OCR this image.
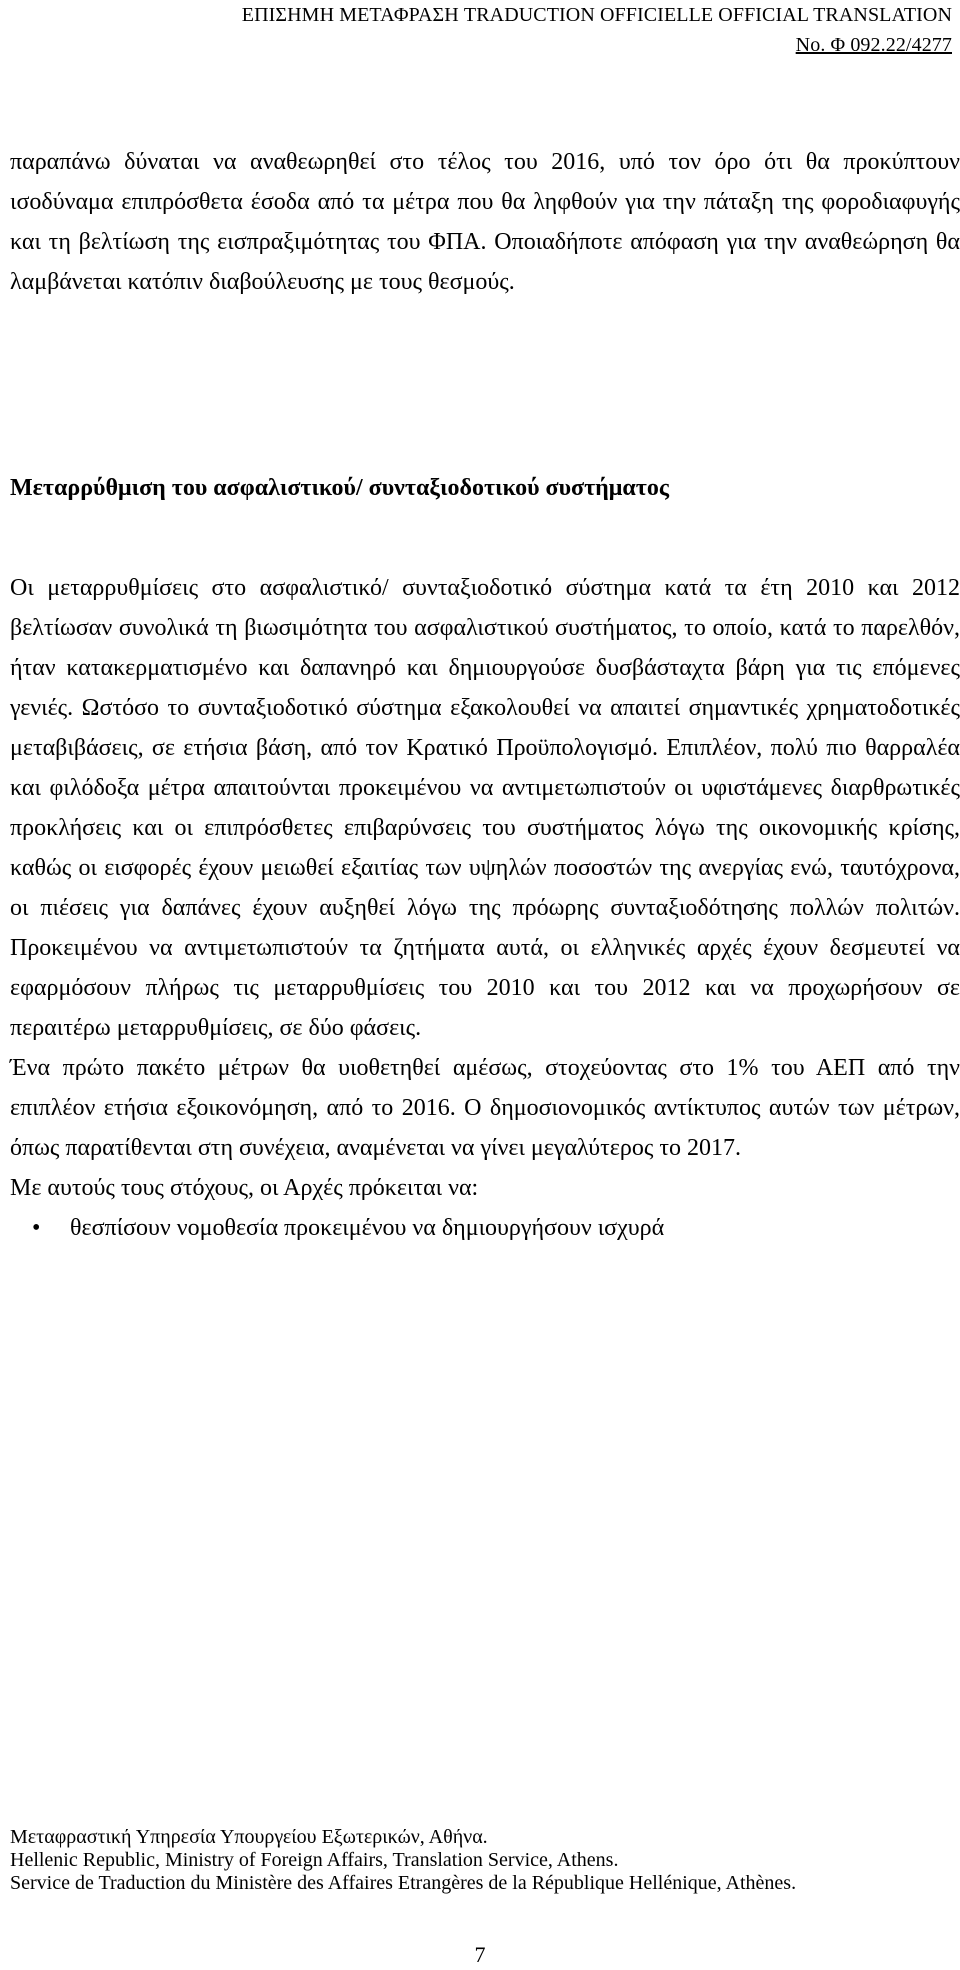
ΕΠΙΣΗΜΗ ΜΕΤΑΦΡΑΣΗ TRADUCTION OFFICIELLE OFFICIAL TRANSLATION
No. Φ 092.22/4277

παραπάνω δύναται να αναθεωρηθεί στο τέλος του 2016, υπό τον όρο ότι θα προκύπτουν ισοδύναμα επιπρόσθετα έσοδα από τα μέτρα που θα ληφθούν για την πάταξη της φοροδιαφυγής και τη βελτίωση της εισπραξιμότητας του ΦΠΑ. Οποιαδήποτε απόφαση για την αναθεώρηση θα λαμβάνεται κατόπιν διαβούλευσης με τους θεσμούς.

Μεταρρύθμιση του ασφαλιστικού/ συνταξιοδοτικού συστήματος

Οι μεταρρυθμίσεις στο ασφαλιστικό/ συνταξιοδοτικό σύστημα κατά τα έτη 2010 και 2012 βελτίωσαν συνολικά τη βιωσιμότητα του ασφαλιστικού συστήματος, το οποίο, κατά το παρελθόν, ήταν κατακερματισμένο και δαπανηρό και δημιουργούσε δυσβάσταχτα βάρη για τις επόμενες γενιές. Ωστόσο το συνταξιοδοτικό σύστημα εξακολουθεί να απαιτεί σημαντικές χρηματοδοτικές μεταβιβάσεις, σε ετήσια βάση, από τον Κρατικό Προϋπολογισμό. Επιπλέον, πολύ πιο θαρραλέα και φιλόδοξα μέτρα απαιτούνται προκειμένου να αντιμετωπιστούν οι υφιστάμενες διαρθρωτικές προκλήσεις και οι επιπρόσθετες επιβαρύνσεις του συστήματος λόγω της οικονομικής κρίσης, καθώς οι εισφορές έχουν μειωθεί εξαιτίας των υψηλών ποσοστών της ανεργίας ενώ, ταυτόχρονα, οι πιέσεις για δαπάνες έχουν αυξηθεί λόγω της πρόωρης συνταξιοδότησης πολλών πολιτών. Προκειμένου να αντιμετωπιστούν τα ζητήματα αυτά, οι ελληνικές αρχές έχουν δεσμευτεί να εφαρμόσουν πλήρως τις μεταρρυθμίσεις του 2010 και του 2012 και να προχωρήσουν σε περαιτέρω μεταρρυθμίσεις, σε δύο φάσεις.

Ένα πρώτο πακέτο μέτρων θα υιοθετηθεί αμέσως, στοχεύοντας στο 1% του ΑΕΠ από την επιπλέον ετήσια εξοικονόμηση, από το 2016. Ο δημοσιονομικός αντίκτυπος αυτών των μέτρων, όπως παρατίθενται στη συνέχεια, αναμένεται να γίνει μεγαλύτερος το 2017.

Με αυτούς τους στόχους, οι Αρχές πρόκειται να:

• θεσπίσουν νομοθεσία προκειμένου να δημιουργήσουν ισχυρά
Μεταφραστική Υπηρεσία Υπουργείου Εξωτερικών, Αθήνα.
Hellenic Republic, Ministry of Foreign Affairs, Translation Service, Athens.
Service de Traduction du Ministère des Affaires Etrangères de la République Hellénique, Athènes.
7
